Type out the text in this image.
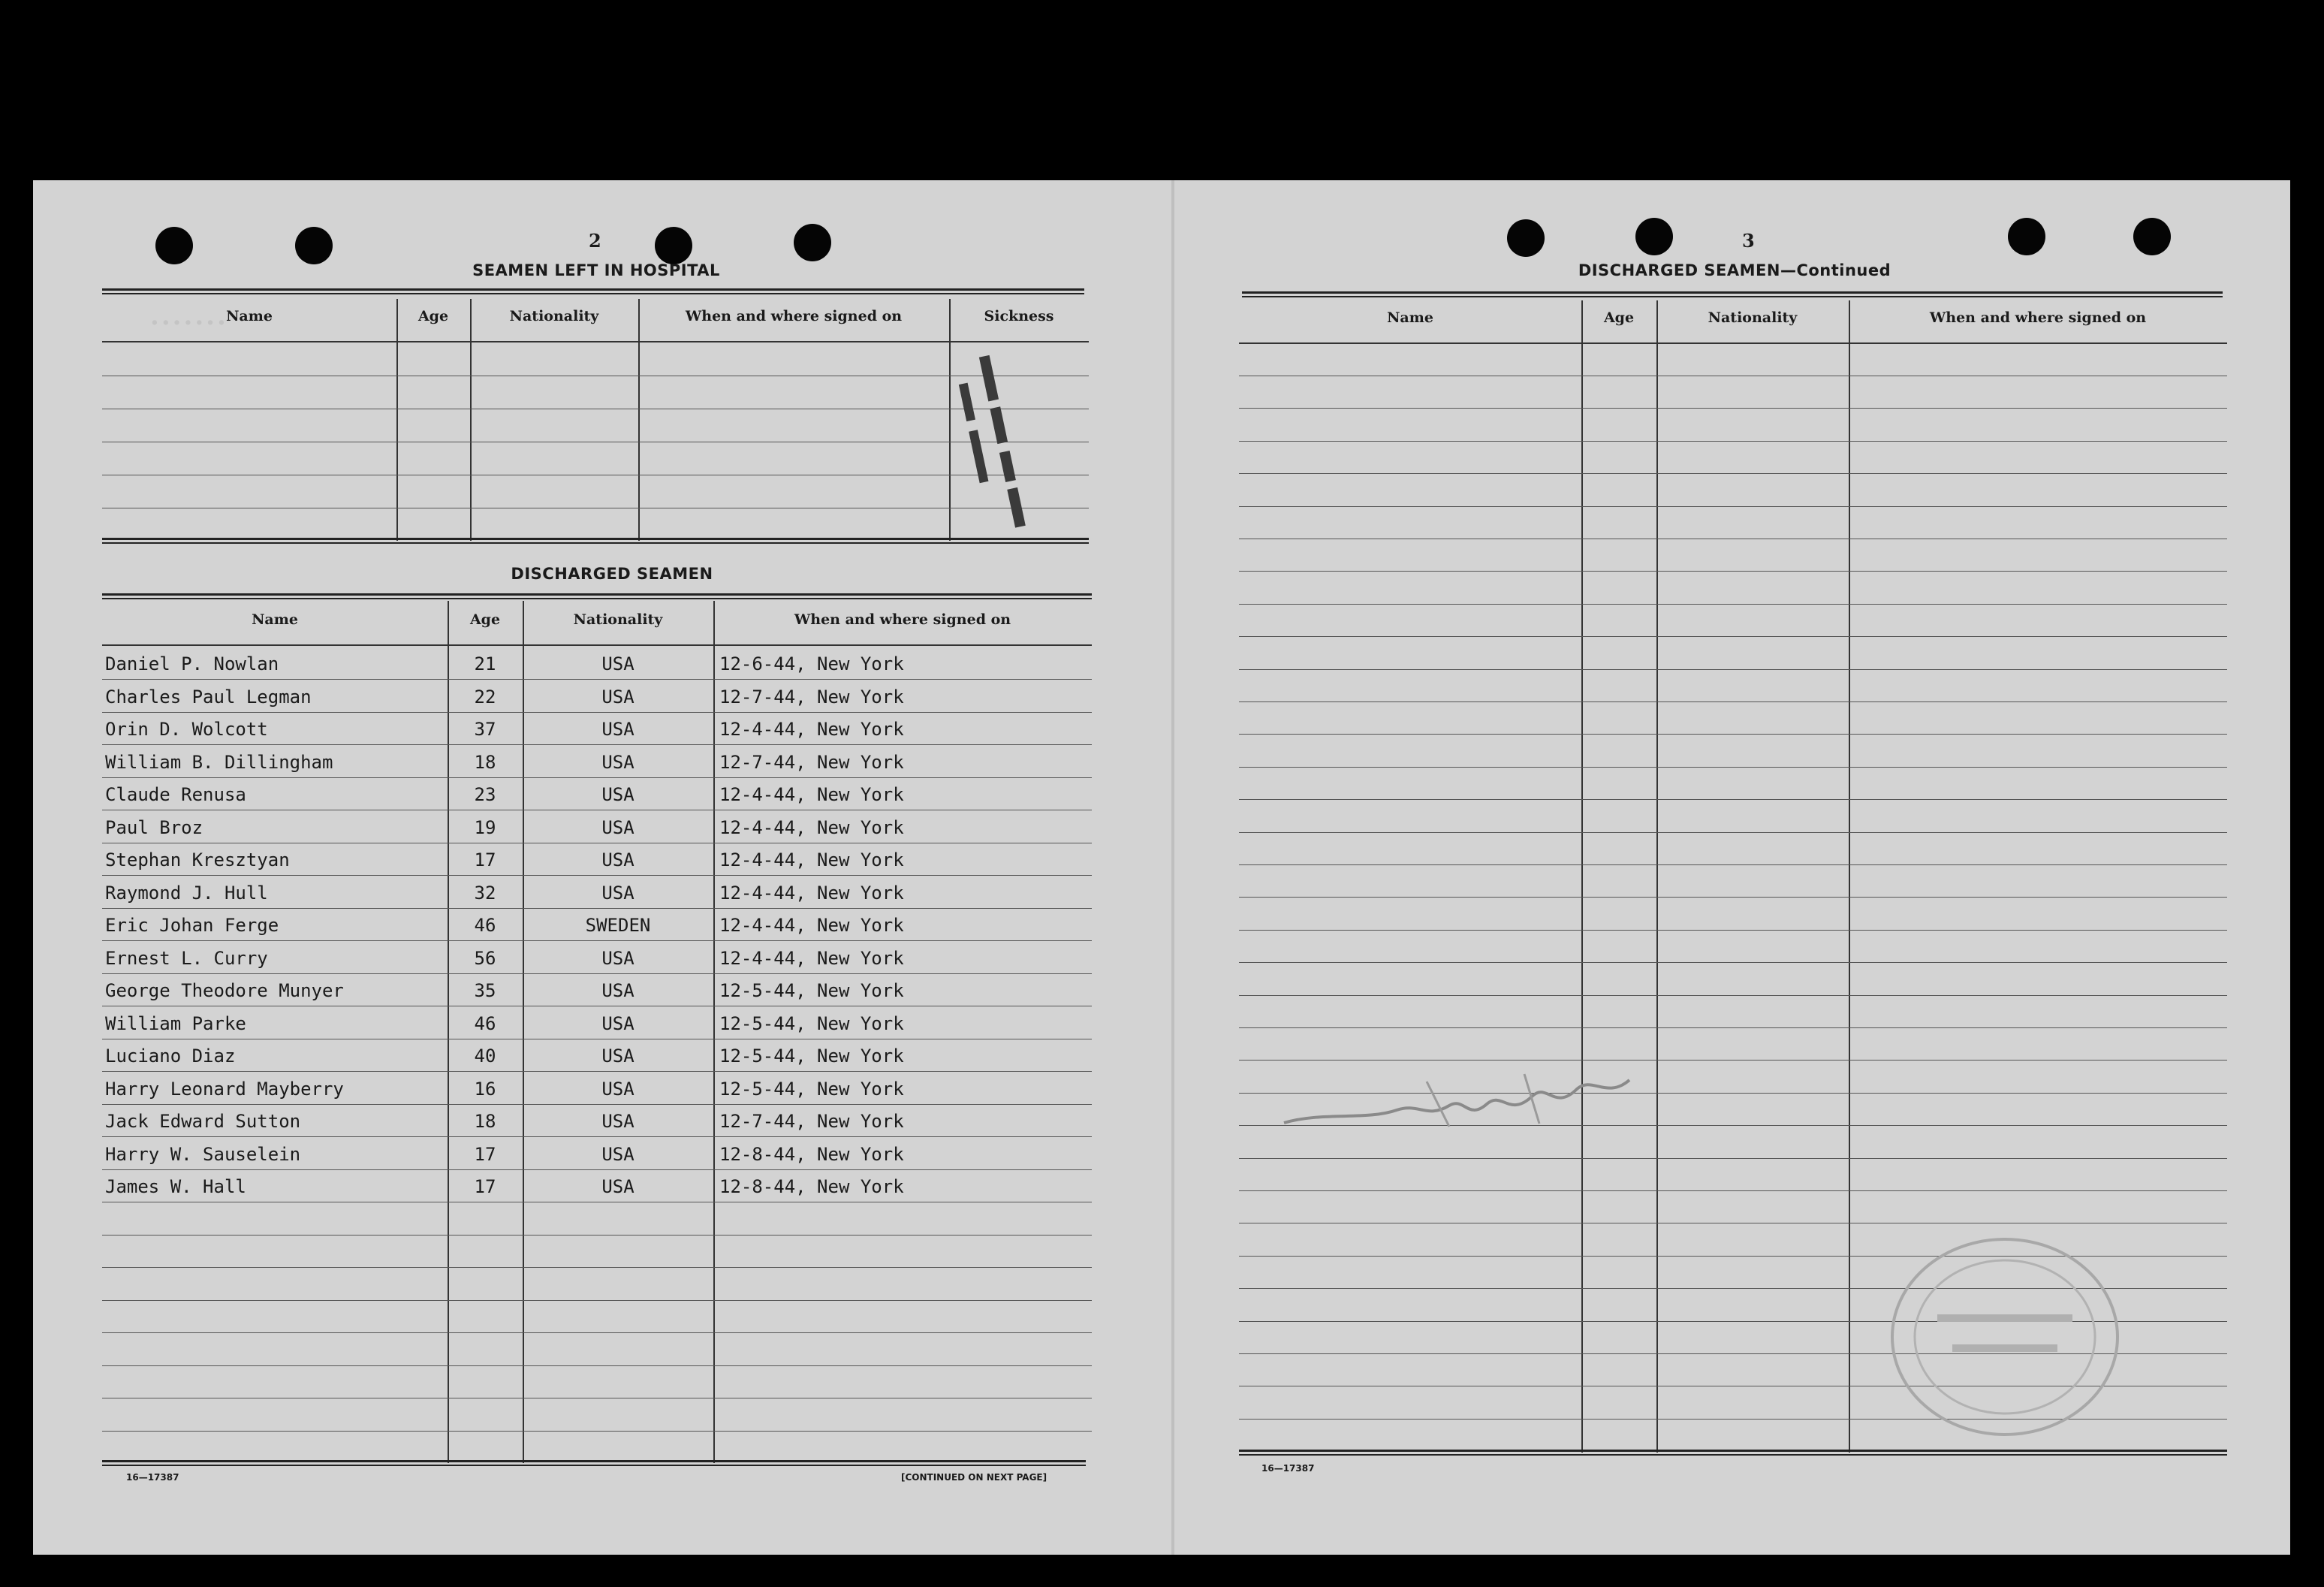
·······
2
SEAMEN LEFT IN HOSPITAL
Name	Age	Nationality	When and where signed on	Sickness
DISCHARGED SEAMEN
Name	Age	Nationality	When and where signed on
Daniel P. Nowlan	21	USA	12-6-44, New York
Charles Paul Legman	22	USA	12-7-44, New York
Orin D. Wolcott	37	USA	12-4-44, New York
William B. Dillingham	18	USA	12-7-44, New York
Claude Renusa	23	USA	12-4-44, New York
Paul Broz	19	USA	12-4-44, New York
Stephan Kresztyan	17	USA	12-4-44, New York
Raymond J. Hull	32	USA	12-4-44, New York
Eric Johan Ferge	46	SWEDEN	12-4-44, New York
Ernest L. Curry	56	USA	12-4-44, New York
George Theodore Munyer	35	USA	12-5-44, New York
William Parke	46	USA	12-5-44, New York
Luciano Diaz	40	USA	12-5-44, New York
Harry Leonard Mayberry	16	USA	12-5-44, New York
Jack Edward Sutton	18	USA	12-7-44, New York
Harry W. Sauselein	17	USA	12-8-44, New York
James W. Hall	17	USA	12-8-44, New York
16—17387	[CONTINUED ON NEXT PAGE]
3
DISCHARGED SEAMEN—Continued
Name	Age	Nationality	When and where signed on
16—17387
